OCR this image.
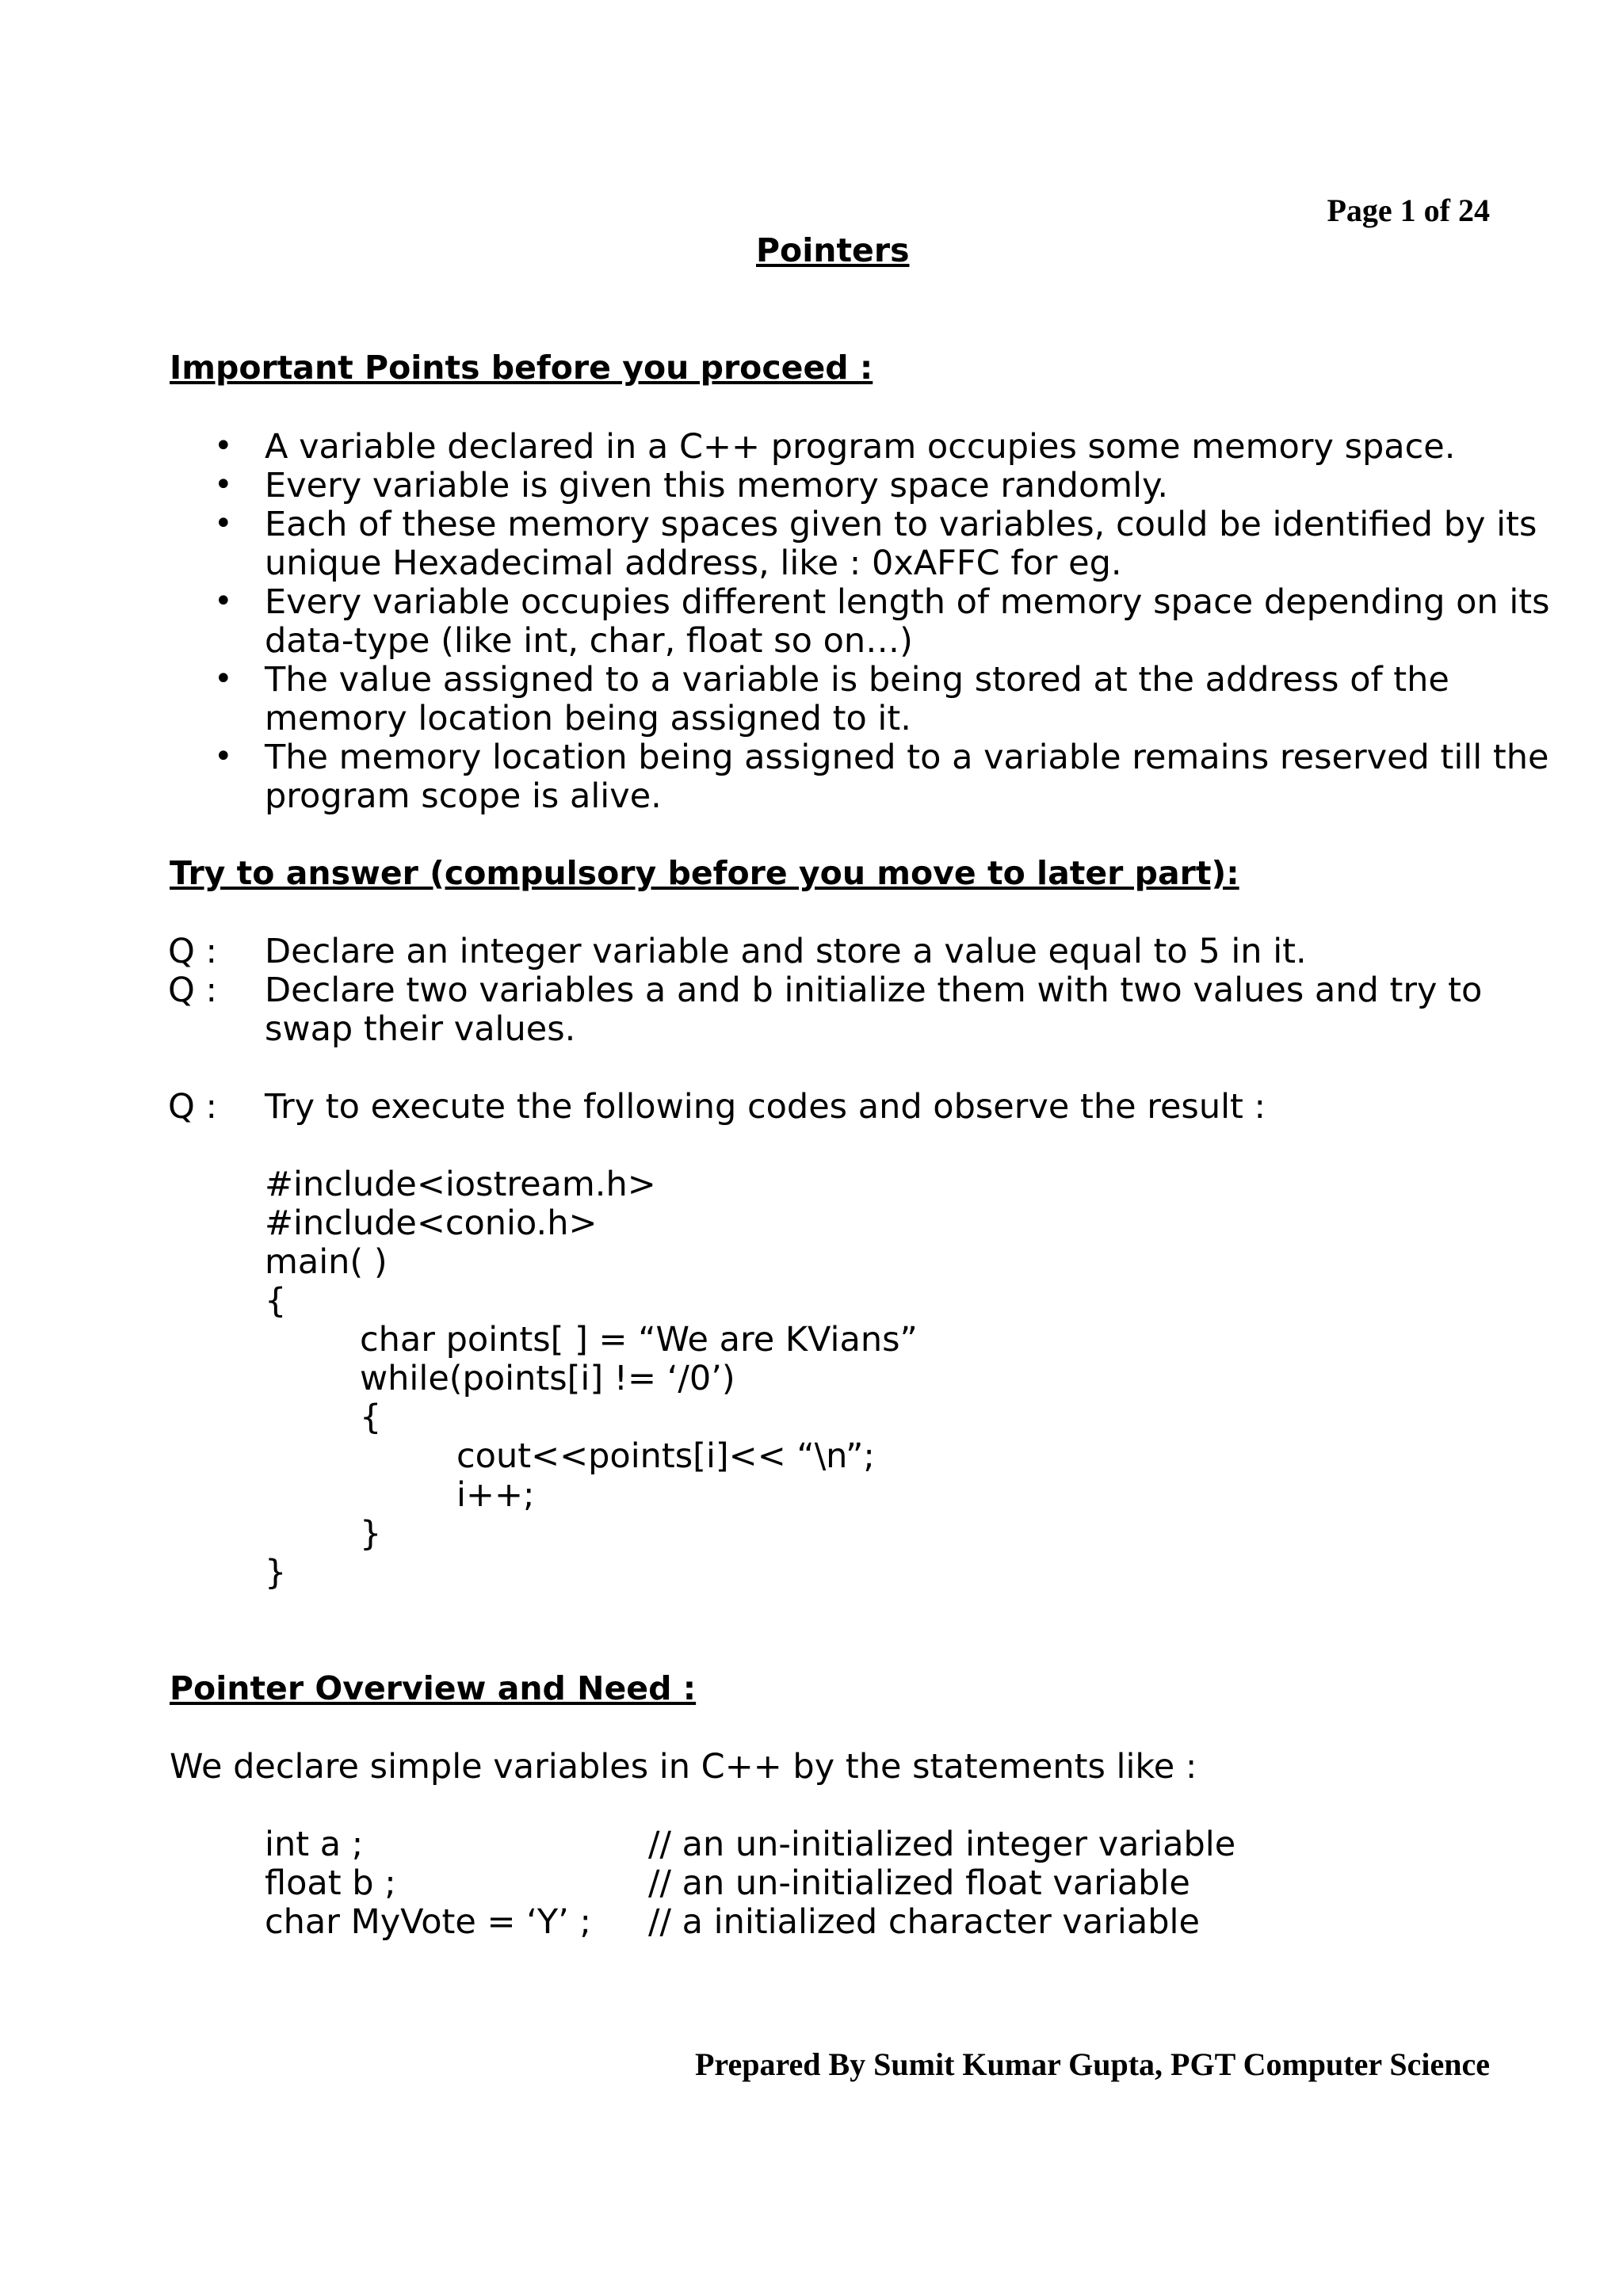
Page 1 of 24
Pointers
Important Points before you proceed :
• A variable declared in a C++ program occupies some memory space.
• Every variable is given this memory space randomly.
• Each of these memory spaces given to variables, could be identified by its
unique Hexadecimal address, like : 0xAFFC for eg.
• Every variable occupies different length of memory space depending on its
data-type (like int, char, float so on…)
• The value assigned to a variable is being stored at the address of the
memory location being assigned to it.
• The memory location being assigned to a variable remains reserved till the
program scope is alive.
Try to answer (compulsory before you move to later part):
Q : Declare an integer variable and store a value equal to 5 in it.
Q : Declare two variables a and b initialize them with two values and try to
swap their values.
Q : Try to execute the following codes and observe the result :
#include<iostream.h>
#include<conio.h>
main( )
{
char points[ ] = “We are KVians”
while(points[i] != ‘/0’)
{
cout<<points[i]<< “\n”;
i++;
}
}
Pointer Overview and Need :
We declare simple variables in C++ by the statements like :
int a ;	// an un-initialized integer variable
float b ;	// an un-initialized float variable
char MyVote = ‘Y’ ; // a initialized character variable
Prepared By Sumit Kumar Gupta, PGT Computer Science
